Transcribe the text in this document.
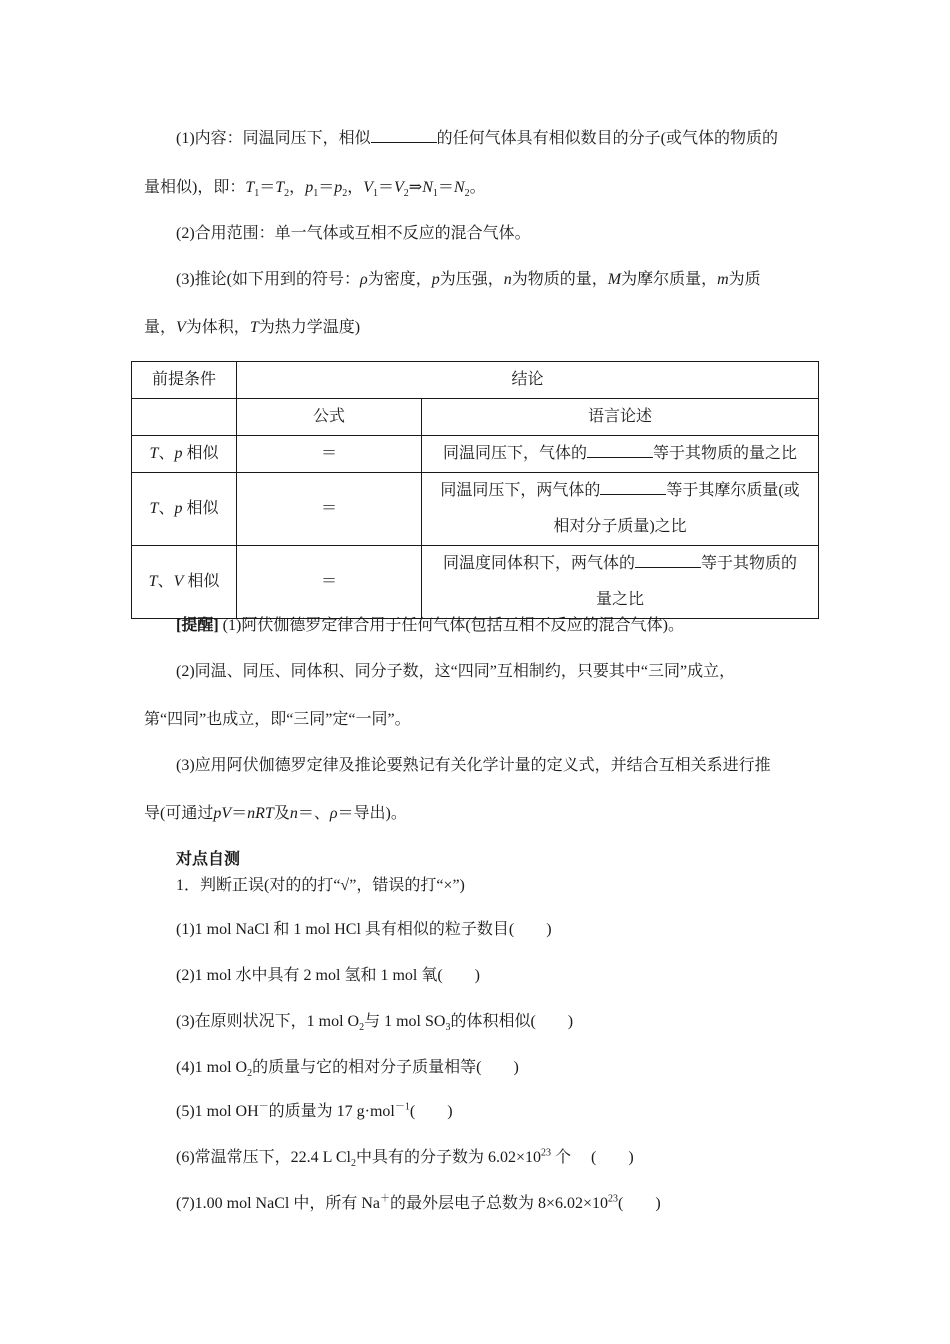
(1)内容：同温同压下，相似	的任何气体具有相似数目的分子(或气体的物质的
量相似)，即：$T_1=T_2$，$p_1=p_2$，$V_1=V_2\Rightarrow N_1=N_2$。
(2)合用范围：单一气体或互相不反应的混合气体。
(3)推论(如下用到的符号：ρ为密度，p为压强，n为物质的量，M为摩尔质量，m为质
量，V为体积，T为热力学温度)
前提条件	结论	
	公式	语言论述
T、p 相似	＝	同温同压下，气体的 等于其物质的量之比
T、p 相似	＝	同温同压下，两气体的 等于其摩尔质量(或
相对分子质量)之比
T、V 相似	＝	同温度同体积下，两气体的 等于其物质的
量之比
[提醒] (1)阿伏伽德罗定律合用于任何气体(包括互相不反应的混合气体)。
(2)同温、同压、同体积、同分子数，这“四同”互相制约，只要其中“三同”成立，
第“四同”也成立，即“三同”定“一同”。
(3)应用阿伏伽德罗定律及推论要熟记有关化学计量的定义式，并结合互相关系进行推
导(可通过pV＝nRT及n＝、ρ＝导出)。
对点自测
1．判断正误(对的的打“√”，错误的打“×”)
(1)1 mol NaCl 和 1 mol HCl 具有相似的粒子数目(　　)
(2)1 mol 水中具有 2 mol 氢和 1 mol 氧(　　)
(3)在原则状况下，1 mol $O_2$与 1 mol $SO_3$的体积相似(　　)
(4)1 mol $O_2$的质量与它的相对分子质量相等(　　)
(5)1 mol OH－的质量为 17 g·mol$^{-1}$(　　)
(6)常温常压下，22.4 L $Cl_2$中具有的分子数为 $6.02\times 10^{23}$ 个　 (　　)
(7)1.00 mol NaCl 中，所有 Na＋的最外层电子总数为 $8\times 6.02\times 10^{23}$(　　)
